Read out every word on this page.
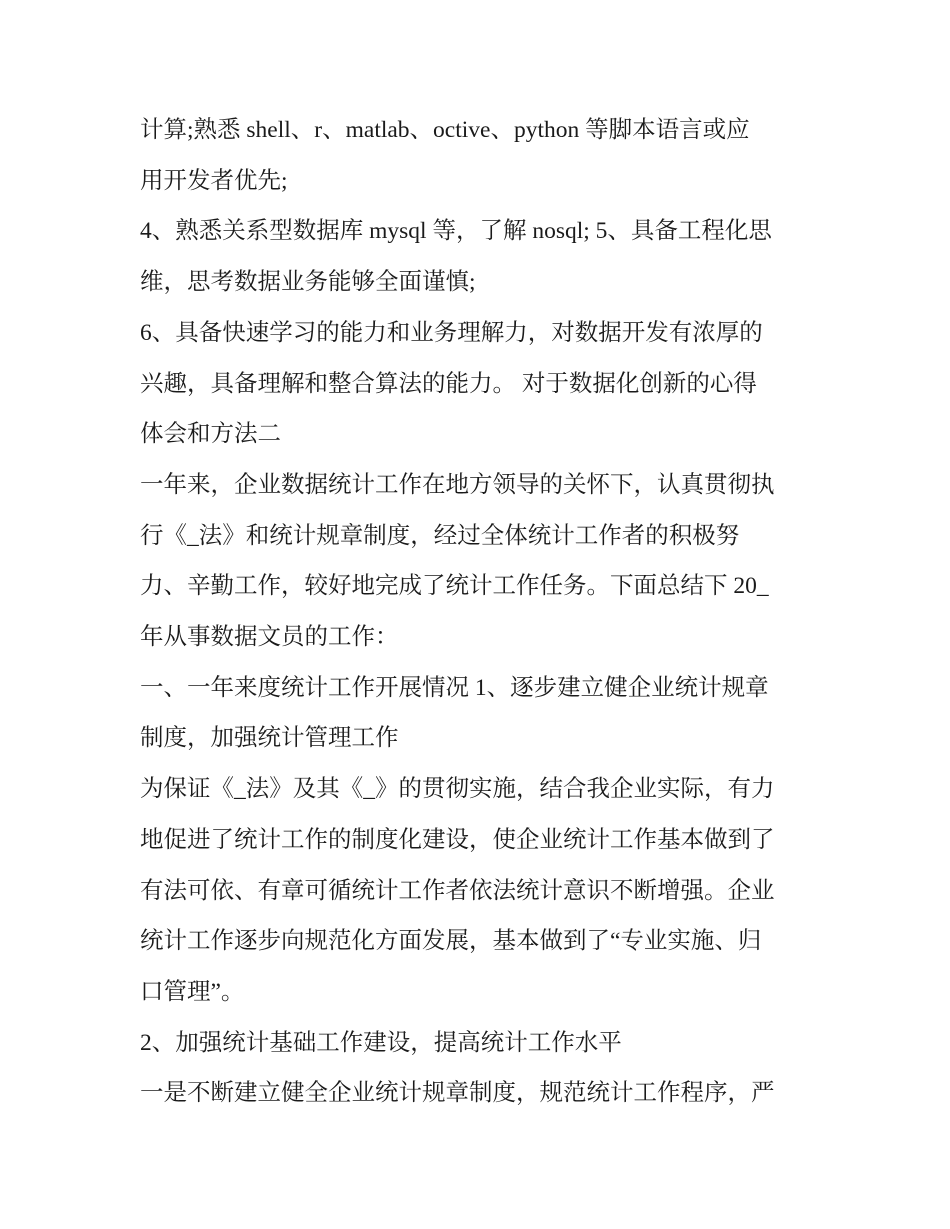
计算;熟悉 shell、r、matlab、octive、python 等脚本语言或应
用开发者优先;
4、熟悉关系型数据库 mysql 等，了解 nosql; 5、具备工程化思
维，思考数据业务能够全面谨慎;
6、具备快速学习的能力和业务理解力，对数据开发有浓厚的
兴趣，具备理解和整合算法的能力。 对于数据化创新的心得
体会和方法二
一年来，企业数据统计工作在地方领导的关怀下，认真贯彻执
行《_法》和统计规章制度，经过全体统计工作者的积极努
力、辛勤工作，较好地完成了统计工作任务。下面总结下 20_
年从事数据文员的工作：
一、一年来度统计工作开展情况 1、逐步建立健企业统计规章
制度，加强统计管理工作
为保证《_法》及其《_》的贯彻实施，结合我企业实际，有力
地促进了统计工作的制度化建设，使企业统计工作基本做到了
有法可依、有章可循统计工作者依法统计意识不断增强。企业
统计工作逐步向规范化方面发展，基本做到了“专业实施、归
口管理”。
2、加强统计基础工作建设，提高统计工作水平
一是不断建立健全企业统计规章制度，规范统计工作程序，严
